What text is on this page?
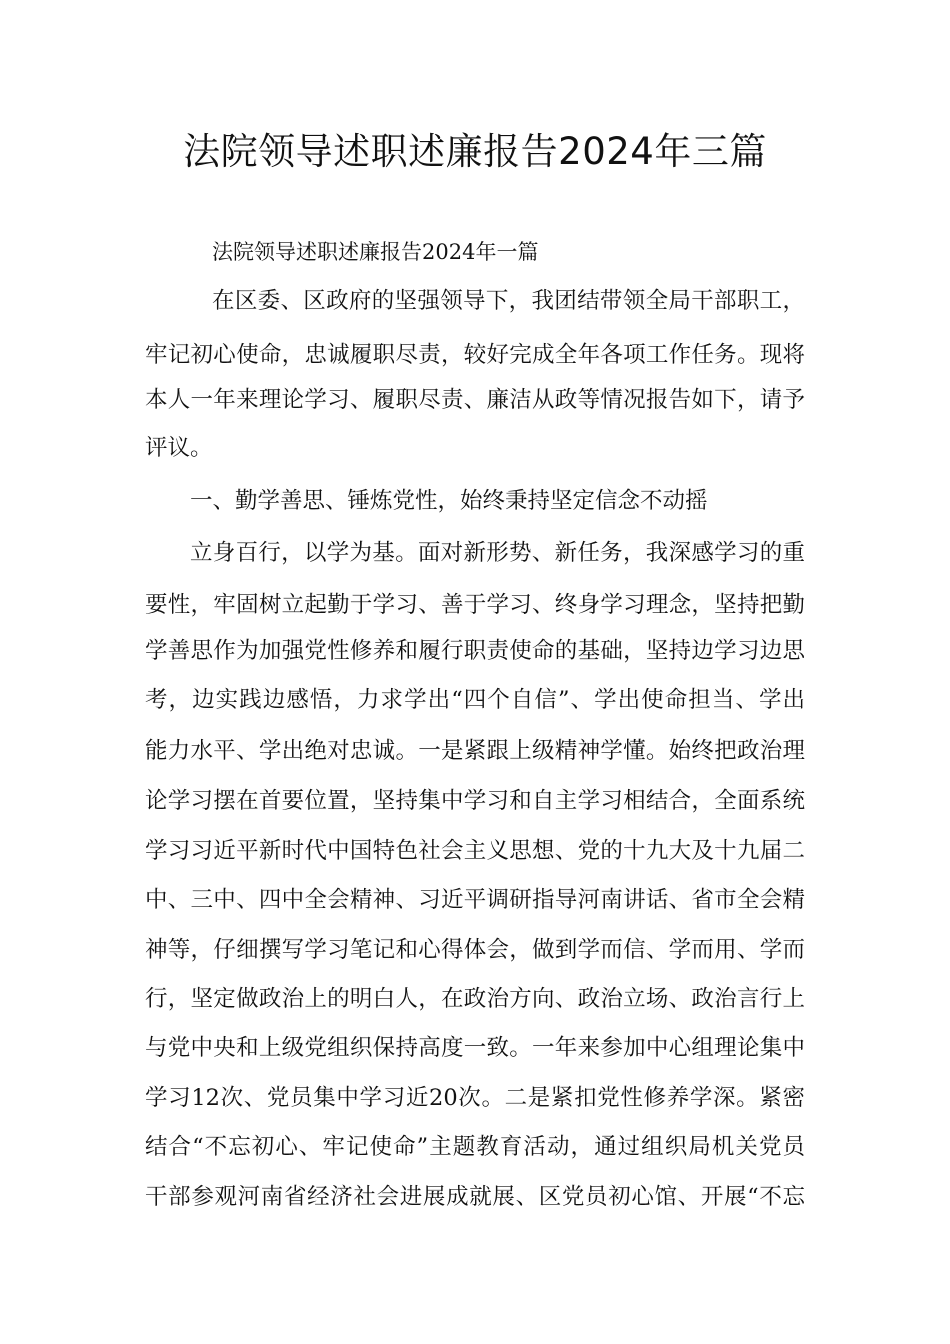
法院领导述职述廉报告2024年三篇

法院领导述职述廉报告2024年一篇

在区委、区政府的坚强领导下，我团结带领全局干部职工，

牢记初心使命，忠诚履职尽责，较好完成全年各项工作任务。现将

本人一年来理论学习、履职尽责、廉洁从政等情况报告如下，请予

评议。

一、勤学善思、锤炼党性，始终秉持坚定信念不动摇

立身百行，以学为基。面对新形势、新任务，我深感学习的重

要性，牢固树立起勤于学习、善于学习、终身学习理念，坚持把勤

学善思作为加强党性修养和履行职责使命的基础，坚持边学习边思

考，边实践边感悟，力求学出“四个自信”、学出使命担当、学出

能力水平、学出绝对忠诚。一是紧跟上级精神学懂。始终把政治理

论学习摆在首要位置，坚持集中学习和自主学习相结合，全面系统

学习习近平新时代中国特色社会主义思想、党的十九大及十九届二

中、三中、四中全会精神、习近平调研指导河南讲话、省市全会精

神等，仔细撰写学习笔记和心得体会，做到学而信、学而用、学而

行，坚定做政治上的明白人，在政治方向、政治立场、政治言行上

与党中央和上级党组织保持高度一致。一年来参加中心组理论集中

学习12次、党员集中学习近20次。二是紧扣党性修养学深。紧密

结合“不忘初心、牢记使命”主题教育活动，通过组织局机关党员

干部参观河南省经济社会进展成就展、区党员初心馆、开展“不忘
